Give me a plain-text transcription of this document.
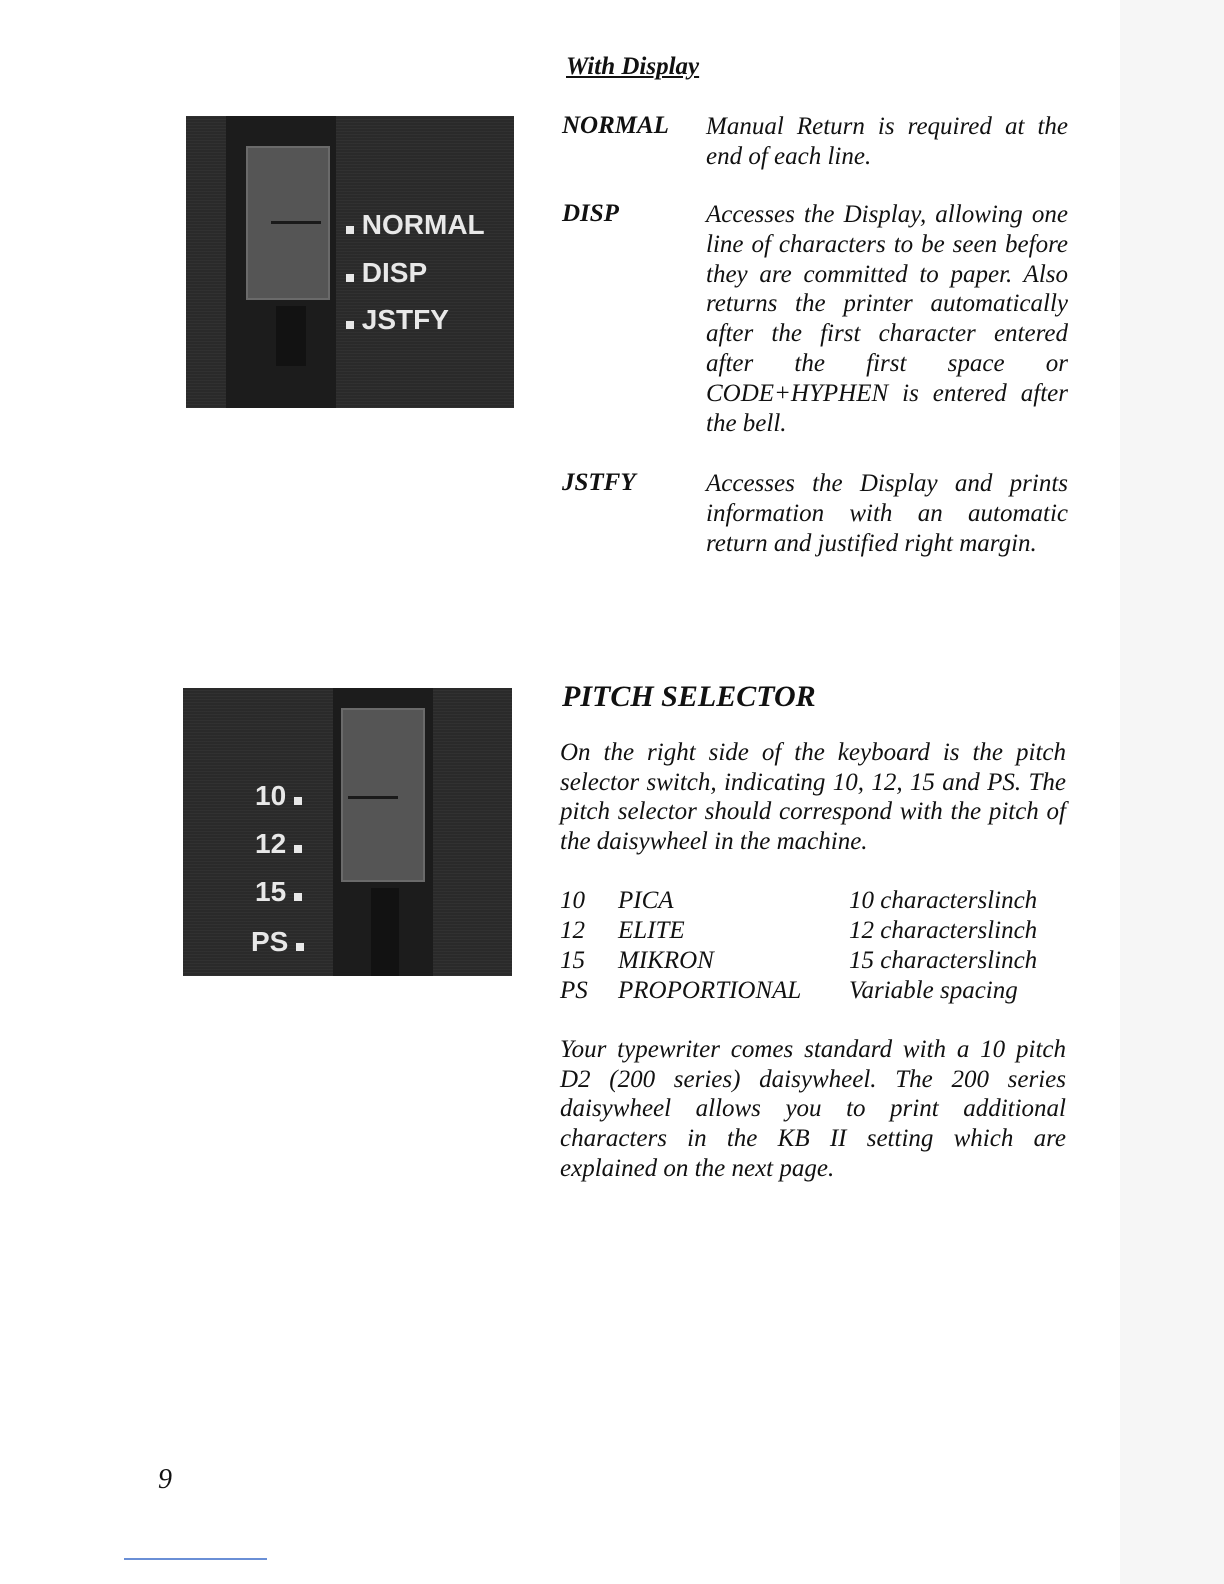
NORMAL
DISP
JSTFY
With Display
NORMAL Manual Return is required at the end of each line.
DISP	Accesses the Display, allowing one line of characters to be seen before they are committed to paper. Also returns the printer automatically after the first character entered after the first space or CODE+HYPHEN is entered after the bell.
JSTFY	Accesses the Display and prints information with an automatic return and justified right margin.
10
12
15
PS
PITCH SELECTOR
On the right side of the keyboard is the pitch selector switch, indicating 10, 12, 15 and PS. The pitch selector should correspond with the pitch of the daisywheel in the machine.
10	PICA	10 characterslinch
12	ELITE	12 characterslinch
15	MIKRON	15 characterslinch
PS	PROPORTIONAL	Variable spacing
Your typewriter comes standard with a 10 pitch D2 (200 series) daisywheel. The 200 series daisywheel allows you to print additional characters in the KB II setting which are explained on the next page.
9
